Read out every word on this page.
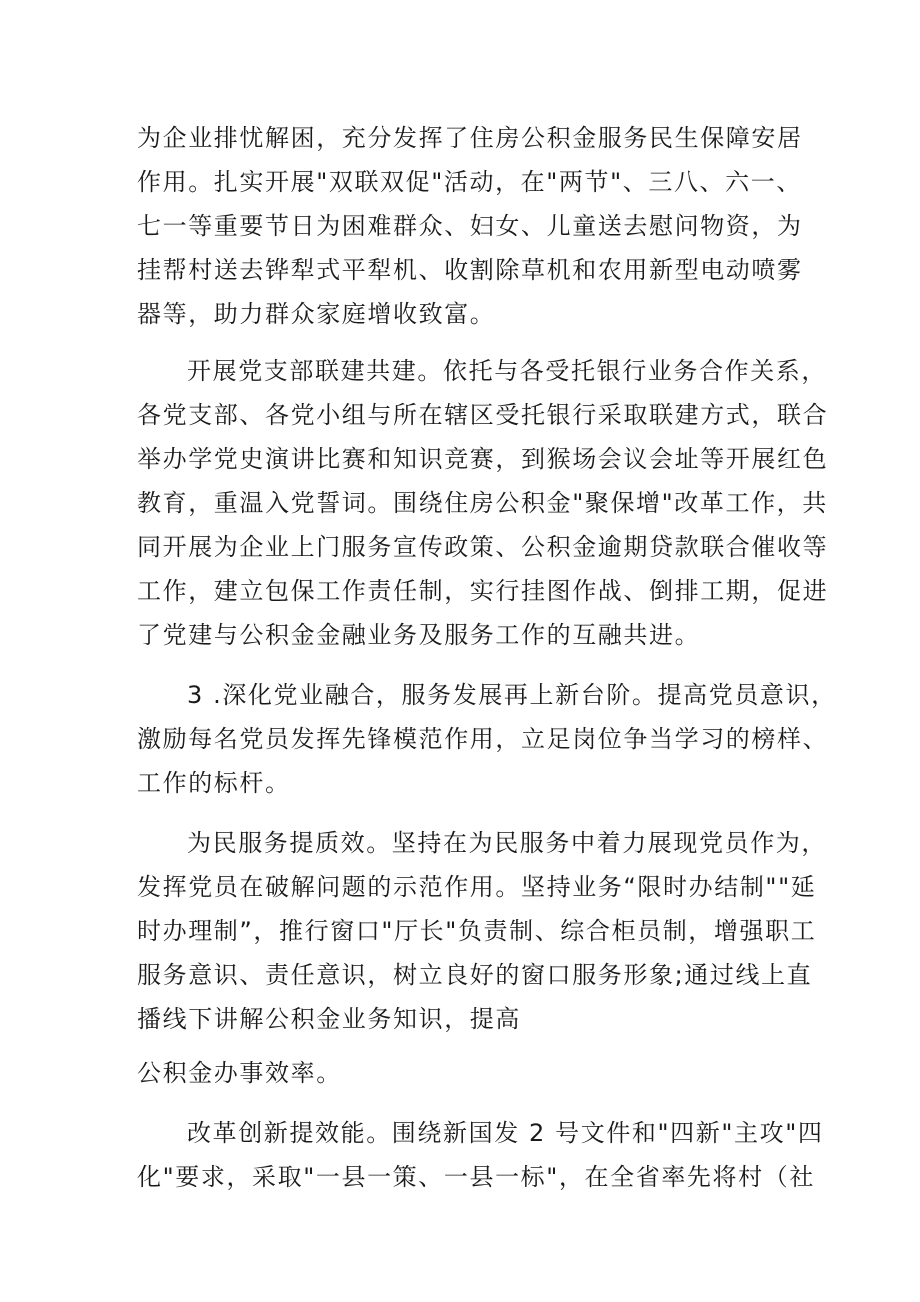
为企业排忧解困，充分发挥了住房公积金服务民生保障安居
作用。扎实开展"双联双促"活动，在"两节"、三八、六一、
七一等重要节日为困难群众、妇女、儿童送去慰问物资，为
挂帮村送去铧犁式平犁机、收割除草机和农用新型电动喷雾
器等，助力群众家庭增收致富。
开展党支部联建共建。依托与各受托银行业务合作关系，
各党支部、各党小组与所在辖区受托银行采取联建方式，联合
举办学党史演讲比赛和知识竞赛，到猴场会议会址等开展红色
教育，重温入党誓词。围绕住房公积金"聚保增"改革工作，共
同开展为企业上门服务宣传政策、公积金逾期贷款联合催收等
工作，建立包保工作责任制，实行挂图作战、倒排工期，促进
了党建与公积金金融业务及服务工作的互融共进。
3 .深化党业融合，服务发展再上新台阶。提高党员意识，
激励每名党员发挥先锋模范作用，立足岗位争当学习的榜样、
工作的标杆。
为民服务提质效。坚持在为民服务中着力展现党员作为，
发挥党员在破解问题的示范作用。坚持业务“限时办结制""延
时办理制”，推行窗口"厅长"负责制、综合柜员制，增强职工
服务意识、责任意识，树立良好的窗口服务形象;通过线上直
播线下讲解公积金业务知识，提高
公积金办事效率。
改革创新提效能。围绕新国发 2 号文件和"四新"主攻"四
化"要求，采取"一县一策、一县一标"，在全省率先将村（社
